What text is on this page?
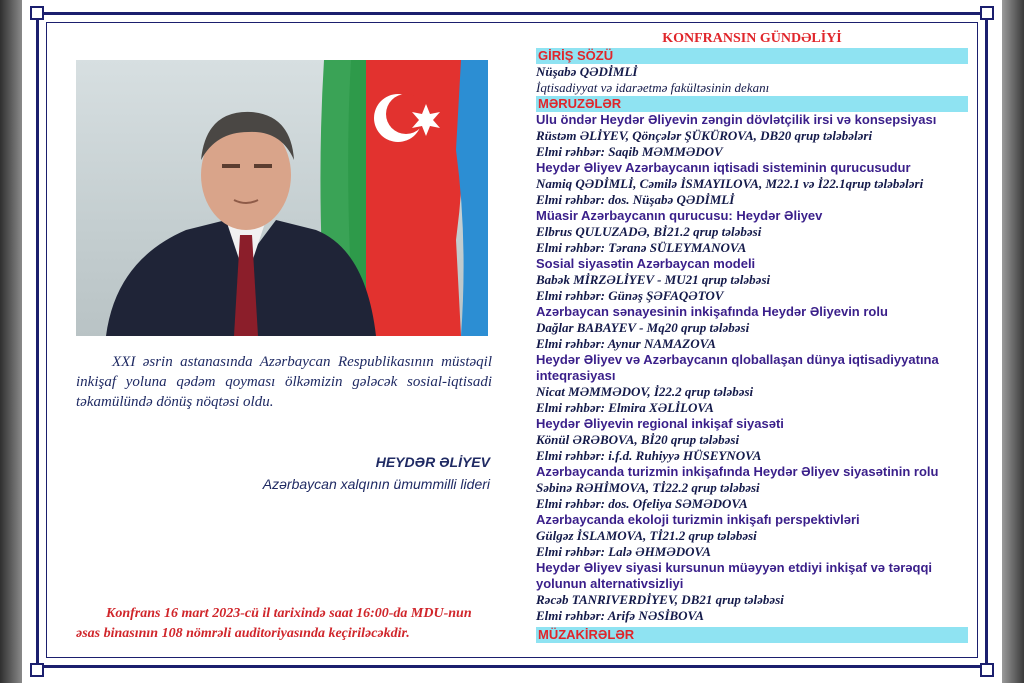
XXI əsrin astanasında Azərbaycan Respublikasının müstəqil inkişaf yoluna qədəm qoyması ölkəmizin gələcək sosial-iqtisadi təkamülündə dönüş nöqtəsi oldu.
HEYDƏR ƏLİYEV
Azərbaycan xalqının ümummilli lideri
Konfrans 16 mart 2023-cü il tarixində saat 16:00-da MDU-nun əsas binasının 108 nömrəli auditoriyasında keçiriləcəkdir.
KONFRANSIN GÜNDƏLİYİ
GİRİŞ SÖZÜ
Nüşabə QƏDİMLİ
İqtisadiyyat və idarəetmə fakültəsinin dekanı
MƏRUZƏLƏR
Ulu öndər Heydər Əliyevin zəngin dövlətçilik irsi və konsepsiyası
Rüstəm ƏLİYEV, Qönçələr ŞÜKÜROVA, DB20 qrup tələbələri
Elmi rəhbər: Saqib MƏMMƏDOV
Heydər Əliyev Azərbaycanın iqtisadi sisteminin qurucusudur
Namiq QƏDİMLİ, Cəmilə İSMAYILOVA, M22.1 və İ22.1qrup tələbələri
Elmi rəhbər: dos. Nüşabə QƏDİMLİ
Müasir Azərbaycanın qurucusu: Heydər Əliyev
Elbrus QULUZADƏ, Bİ21.2 qrup tələbəsi
Elmi rəhbər: Təranə SÜLEYMANOVA
Sosial siyasətin Azərbaycan modeli
Babək MİRZƏLİYEV - MU21 qrup tələbəsi
Elmi rəhbər: Günəş ŞƏFAQƏTOV
Azərbaycan sənayesinin inkişafında Heydər Əliyevin rolu
Dağlar BABAYEV - Mq20 qrup tələbəsi
Elmi rəhbər: Aynur NAMAZOVA
Heydər Əliyev və Azərbaycanın qloballaşan dünya iqtisadiyyatına inteqrasiyası
Nicat MƏMMƏDOV, İ22.2 qrup tələbəsi
Elmi rəhbər: Elmira XƏLİLOVA
Heydər Əliyevin regional inkişaf siyasəti
Könül ƏRƏBOVA, Bİ20 qrup tələbəsi
Elmi rəhbər: i.f.d. Ruhiyyə HÜSEYNOVA
Azərbaycanda turizmin inkişafında Heydər Əliyev siyasətinin rolu
Səbinə RƏHİMOVA, Tİ22.2 qrup tələbəsi
Elmi rəhbər: dos. Ofeliya SƏMƏDOVA
Azərbaycanda ekoloji turizmin inkişafı perspektivləri
Gülgəz İSLAMOVA, Tİ21.2 qrup tələbəsi
Elmi rəhbər: Lalə ƏHMƏDOVA
Heydər Əliyev siyasi kursunun müəyyən etdiyi inkişaf və tərəqqi yolunun alternativsizliyi
Rəcəb TANRIVERDİYEV, DB21 qrup tələbəsi
Elmi rəhbər: Arifə NƏSİBOVA
MÜZAKİRƏLƏR
